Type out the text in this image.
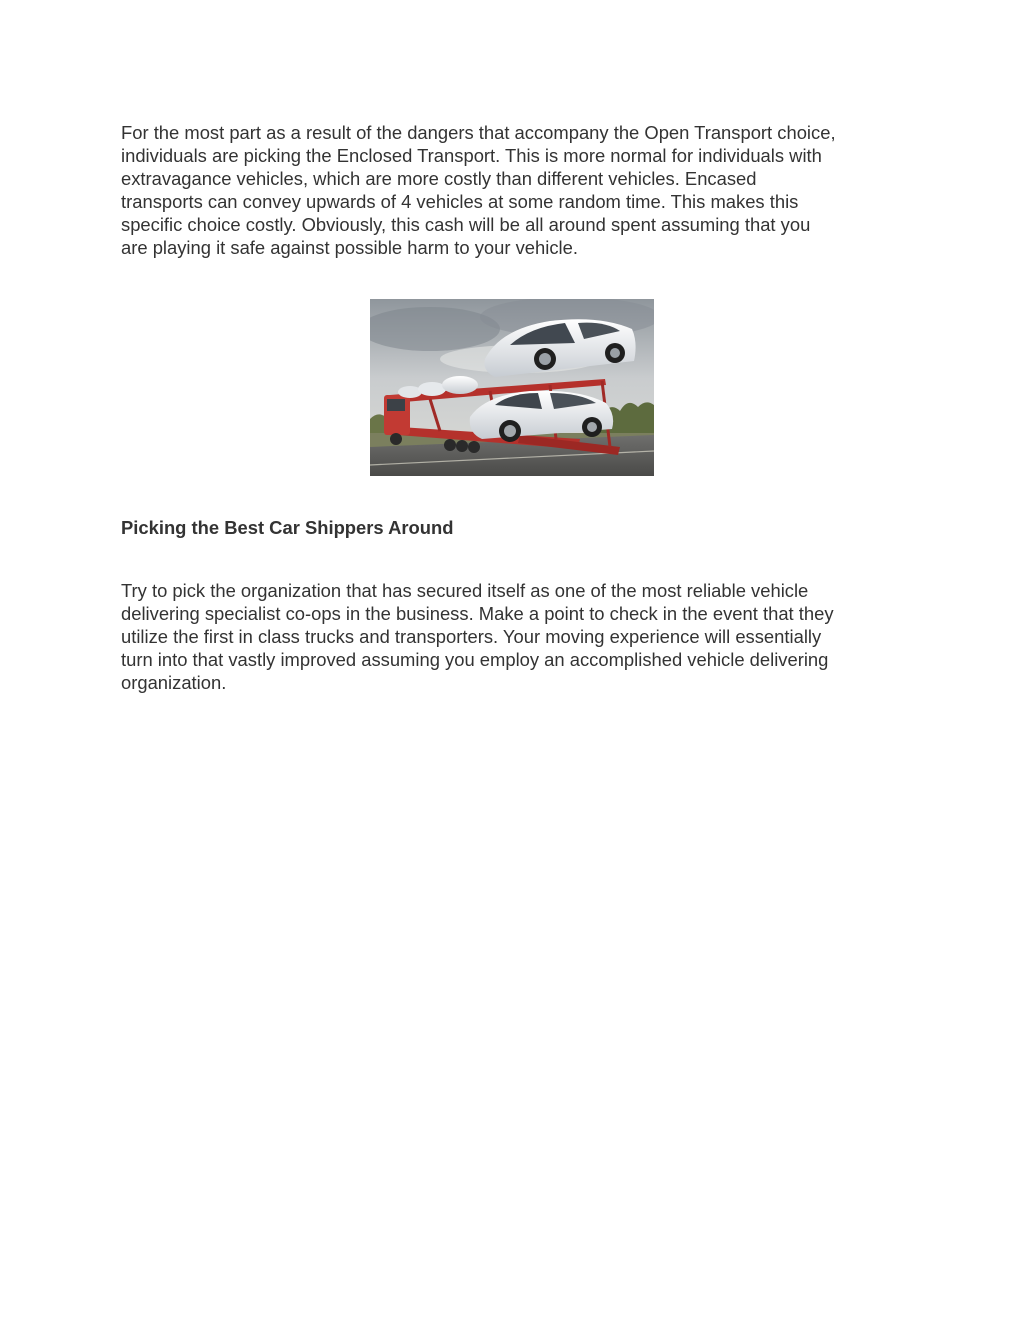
For the most part as a result of the dangers that accompany the Open Transport choice,
individuals are picking the Enclosed Transport. This is more normal for individuals with
extravagance vehicles, which are more costly than different vehicles. Encased
transports can convey upwards of 4 vehicles at some random time. This makes this
specific choice costly. Obviously, this cash will be all around spent assuming that you
are playing it safe against possible harm to your vehicle.

Picking the Best Car Shippers Around

Try to pick the organization that has secured itself as one of the most reliable vehicle
delivering specialist co-ops in the business. Make a point to check in the event that they
utilize the first in class trucks and transporters. Your moving experience will essentially
turn into that vastly improved assuming you employ an accomplished vehicle delivering
organization.
